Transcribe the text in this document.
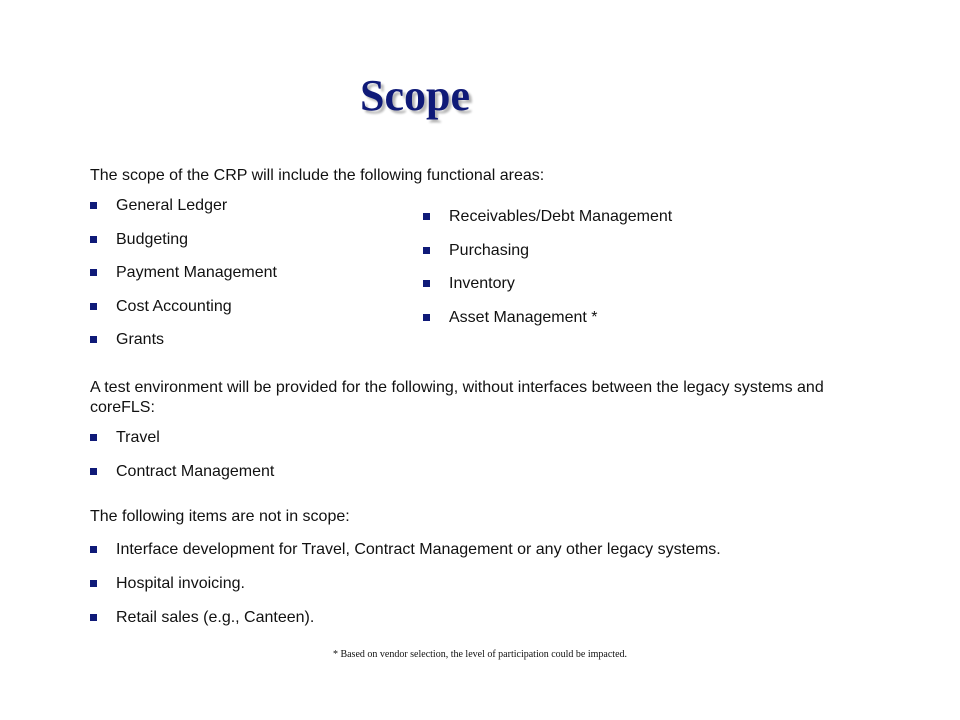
Scope
The scope of the CRP will include the following functional areas:
General Ledger
Budgeting
Payment Management
Cost Accounting
Grants
Receivables/Debt Management
Purchasing
Inventory
Asset Management *
A test environment will be provided for the following, without interfaces between the legacy systems and coreFLS:
Travel
Contract Management
The following items are not in scope:
Interface development for Travel, Contract Management or any other legacy systems.
Hospital invoicing.
Retail sales (e.g., Canteen).
* Based on vendor selection, the level of participation could be impacted.
